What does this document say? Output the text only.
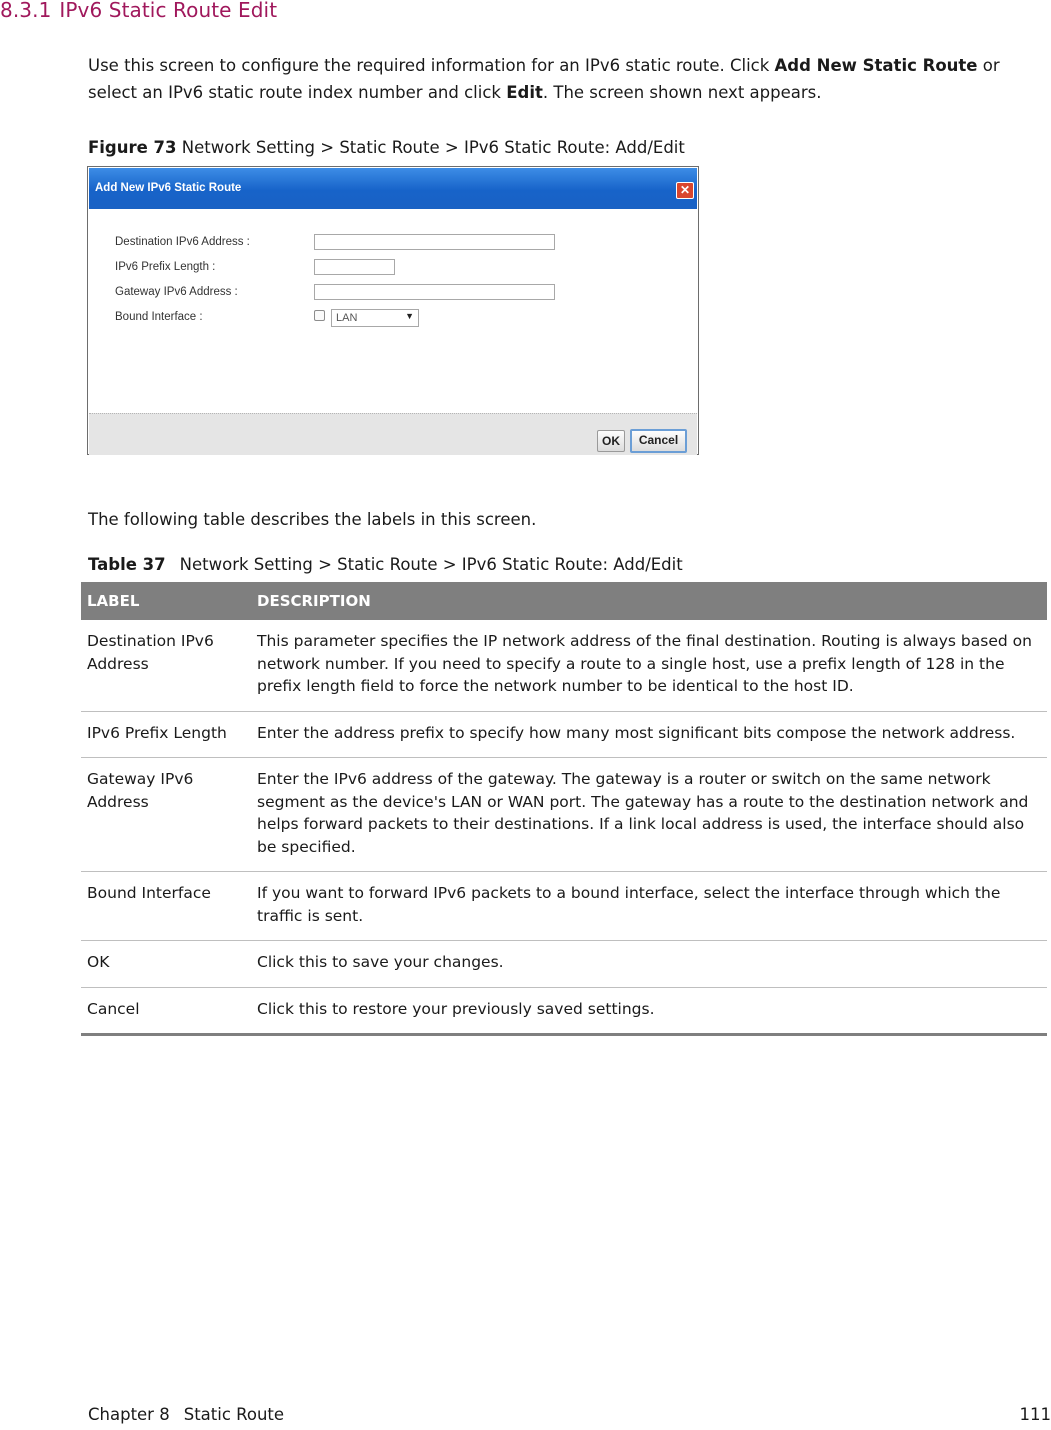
8.3.1 IPv6 Static Route Edit
Use this screen to configure the required information for an IPv6 static route. Click Add New Static Route or select an IPv6 static route index number and click Edit. The screen shown next appears.
Figure 73 Network Setting > Static Route > IPv6 Static Route: Add/Edit
Add New IPv6 Static Route	✕
Destination IPv6 Address :
IPv6 Prefix Length :
Gateway IPv6 Address :
Bound Interface :	LAN	▼
OK	Cancel
The following table describes the labels in this screen.
Table 37 Network Setting > Static Route > IPv6 Static Route: Add/Edit
LABEL	DESCRIPTION
Destination IPv6 Address	This parameter specifies the IP network address of the final destination. Routing is always based on network number. If you need to specify a route to a single host, use a prefix length of 128 in the prefix length field to force the network number to be identical to the host ID.
IPv6 Prefix Length	Enter the address prefix to specify how many most significant bits compose the network address.
Gateway IPv6 Address	Enter the IPv6 address of the gateway. The gateway is a router or switch on the same network segment as the device's LAN or WAN port. The gateway has a route to the destination network and helps forward packets to their destinations. If a link local address is used, the interface should also be specified.
Bound Interface	If you want to forward IPv6 packets to a bound interface, select the interface through which the traffic is sent.
OK	Click this to save your changes.
Cancel	Click this to restore your previously saved settings.
Chapter 8 Static Route	111
